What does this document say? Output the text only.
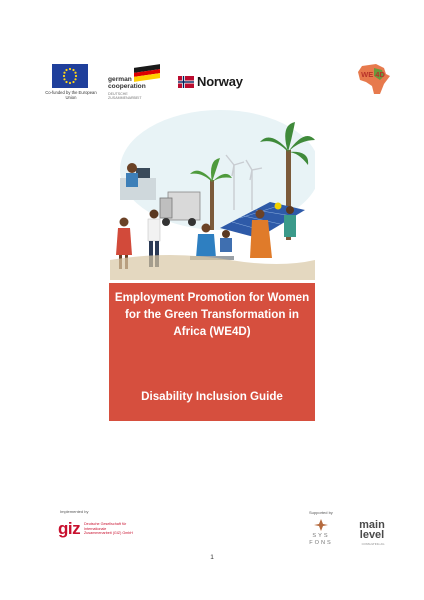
Co-funded by the European Union
german cooperation
DEUTSCHE ZUSAMMENARBEIT
Norway	WE 4D
Employment Promotion for Women for the Green Transformation in Africa (WE4D)
Disability Inclusion Guide
Implemented by
giz Deutsche Gesellschaft für Internationale Zusammenarbeit (GIZ) GmbH
Supported by
SYS FONS
main level
CONSULTING AG
1
